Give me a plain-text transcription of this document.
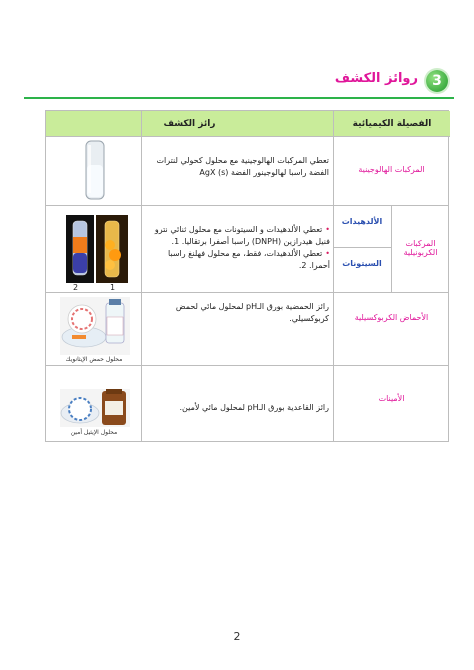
3
روائز الكشف
رائز الكشف	الفصيلة الكيميائية
المركبات الهالوجينية
تعطي المركبات الهالوجينية مع محلول كحولي لنترات الفضة راسبا لهالوجينور الفضة AgX (s)
المركبات الكربونيلية
الألدهيدات
السيتونات
•تعطي الألدهيدات و السيتونات مع محلول ثنائي نترو فنيل هيدرازين (DNPH) راسبا أصفرا برتقاليا. 1.
•تعطي الألدهيدات، فقط، مع محلول فهلنغ راسبا أحمرا. 2.
2	1
الأحماض الكربوكسيلية
رائز الحمضية بورق الـpH لمحلول مائي لحمض كربوكسيلي.
محلول حمض الإيثانويك
الأمينات
رائز القاعدية بورق الـpH لمحلول مائي لأمين.
محلول الإيثيل أمين
2
